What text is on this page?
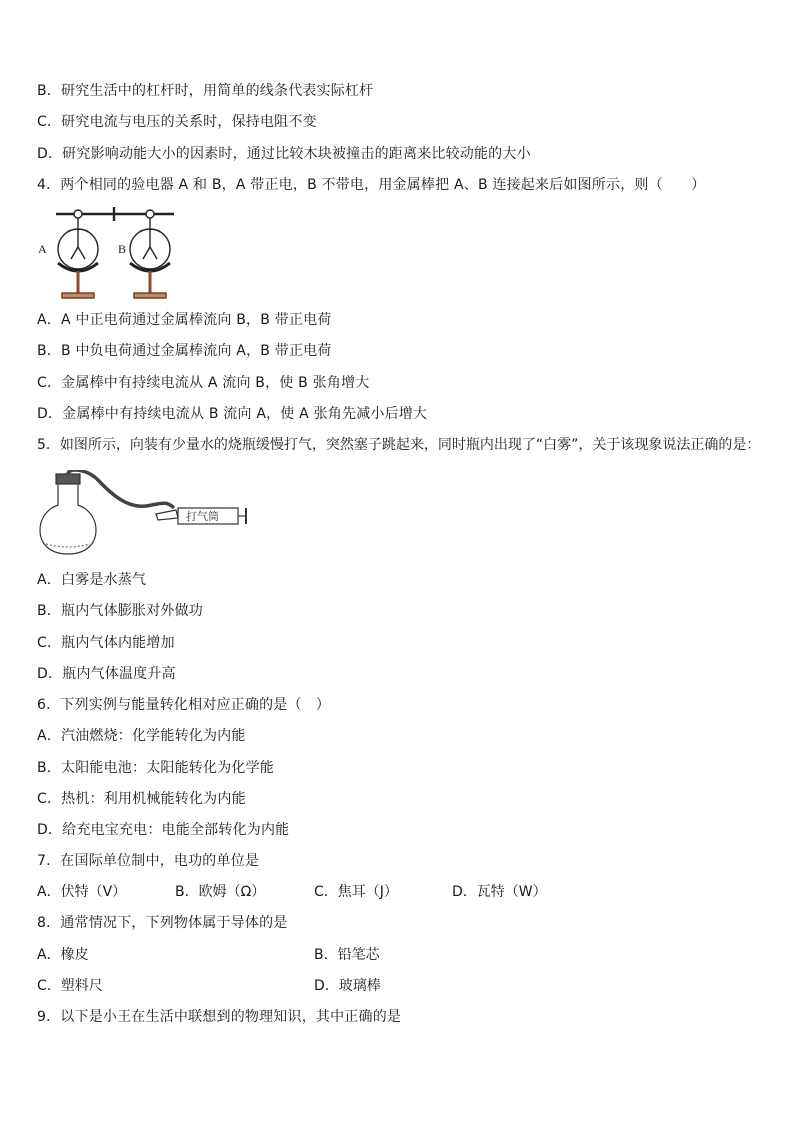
B．研究生活中的杠杆时，用简单的线条代表实际杠杆
C．研究电流与电压的关系时，保持电阻不变
D．研究影响动能大小的因素时，通过比较木块被撞击的距离来比较动能的大小
4．两个相同的验电器 A 和 B，A 带正电，B 不带电，用金属棒把 A、B 连接起来后如图所示，则（　　）
A	B
A．A 中正电荷通过金属棒流向 B，B 带正电荷
B．B 中负电荷通过金属棒流向 A，B 带正电荷
C．金属棒中有持续电流从 A 流向 B，使 B 张角增大
D．金属棒中有持续电流从 B 流向 A，使 A 张角先减小后增大
5．如图所示，向装有少量水的烧瓶缓慢打气，突然塞子跳起来，同时瓶内出现了“白雾”，关于该现象说法正确的是：
打气筒
A．白雾是水蒸气
B．瓶内气体膨胀对外做功
C．瓶内气体内能增加
D．瓶内气体温度升高
6．下列实例与能量转化相对应正确的是（　）
A．汽油燃烧：化学能转化为内能
B．太阳能电池：太阳能转化为化学能
C．热机：利用机械能转化为内能
D．给充电宝充电：电能全部转化为内能
7．在国际单位制中，电功的单位是
A．伏特（V）	B．欧姆（Ω）	C．焦耳（J）	D．瓦特（W）
8．通常情况下，下列物体属于导体的是
A．橡皮	B．铅笔芯
C．塑料尺	D．玻璃棒
9．以下是小王在生活中联想到的物理知识，其中正确的是
